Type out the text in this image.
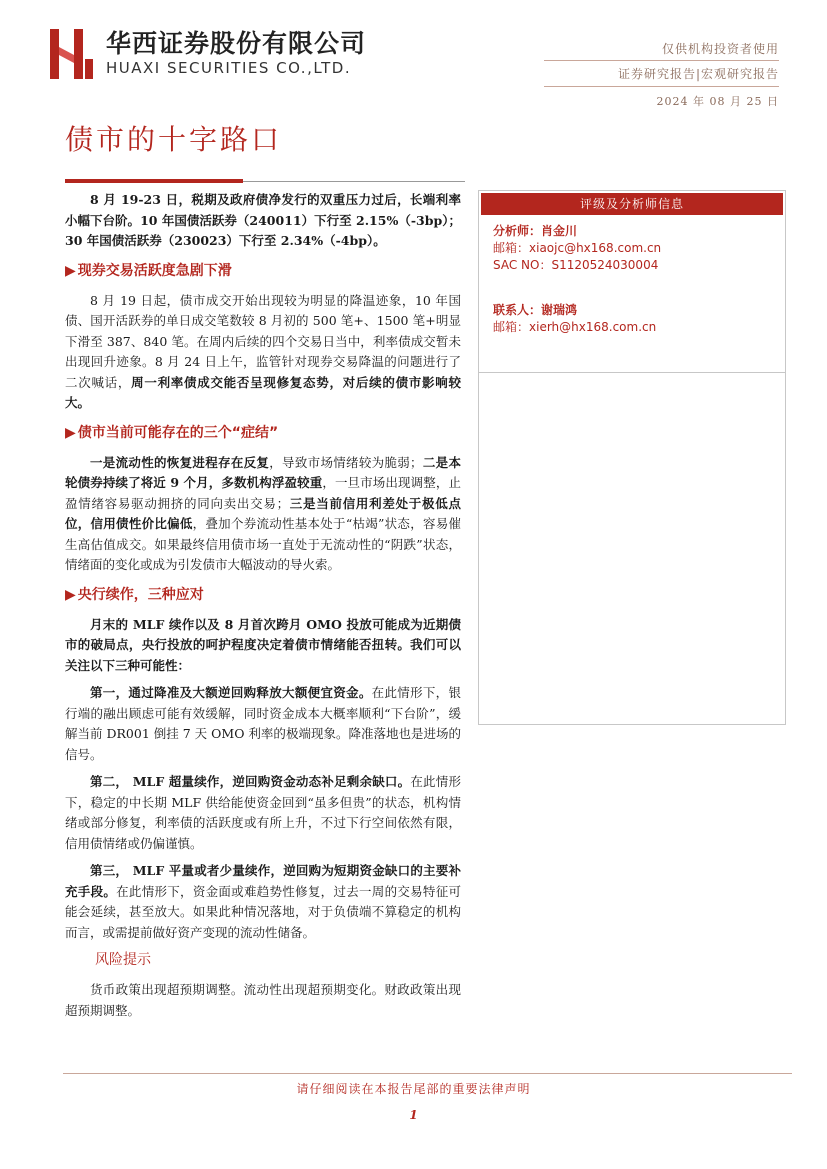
华西证券股份有限公司
HUAXI SECURITIES CO.,LTD.
仅供机构投资者使用
证券研究报告|宏观研究报告
2024 年 08 月 25 日
债市的十字路口

8 月 19-23 日，税期及政府债净发行的双重压力过后，长端利率小幅下台阶。10 年国债活跃券（240011）下行至 2.15%（-3bp）；30 年国债活跃券（230023）下行至 2.34%（-4bp）。

▶ 现券交易活跃度急剧下滑

8 月 19 日起，债市成交开始出现较为明显的降温迹象，10 年国债、国开活跃券的单日成交笔数较 8 月初的 500 笔+、1500 笔+明显下滑至 387、840 笔。在周内后续的四个交易日当中，利率债成交暂未出现回升迹象。8 月 24 日上午，监管针对现券交易降温的问题进行了二次喊话，周一利率债成交能否呈现修复态势，对后续的债市影响较大。

▶ 债市当前可能存在的三个“症结”

一是流动性的恢复进程存在反复，导致市场情绪较为脆弱；二是本轮债券持续了将近 9 个月，多数机构浮盈较重，一旦市场出现调整，止盈情绪容易驱动拥挤的同向卖出交易；三是当前信用利差处于极低点位，信用债性价比偏低，叠加个券流动性基本处于“枯竭”状态，容易催生高估值成交。如果最终信用债市场一直处于无流动性的“阴跌”状态，情绪面的变化或成为引发债市大幅波动的导火索。

▶ 央行续作，三种应对

月末的 MLF 续作以及 8 月首次跨月 OMO 投放可能成为近期债市的破局点，央行投放的呵护程度决定着债市情绪能否扭转。我们可以关注以下三种可能性：

第一，通过降准及大额逆回购释放大额便宜资金。在此情形下，银行端的融出顾虑可能有效缓解，同时资金成本大概率顺利“下台阶”，缓解当前 DR001 倒挂 7 天 OMO 利率的极端现象。降准落地也是进场的信号。

第二， MLF 超量续作，逆回购资金动态补足剩余缺口。在此情形下，稳定的中长期 MLF 供给能使资金回到“虽多但贵”的状态，机构情绪或部分修复，利率债的活跃度或有所上升，不过下行空间依然有限，信用债情绪或仍偏谨慎。

第三， MLF 平量或者少量续作，逆回购为短期资金缺口的主要补充手段。在此情形下，资金面或难趋势性修复，过去一周的交易特征可能会延续，甚至放大。如果此种情况落地，对于负债端不算稳定的机构而言，或需提前做好资产变现的流动性储备。

风险提示

货币政策出现超预期调整。流动性出现超预期变化。财政政策出现超预期调整。

评级及分析师信息
分析师：肖金川
邮箱：xiaojc@hx168.com.cn
SAC NO：S1120524030004
联系人：谢瑞鸿
邮箱：xierh@hx168.com.cn
请仔细阅读在本报告尾部的重要法律声明
1
